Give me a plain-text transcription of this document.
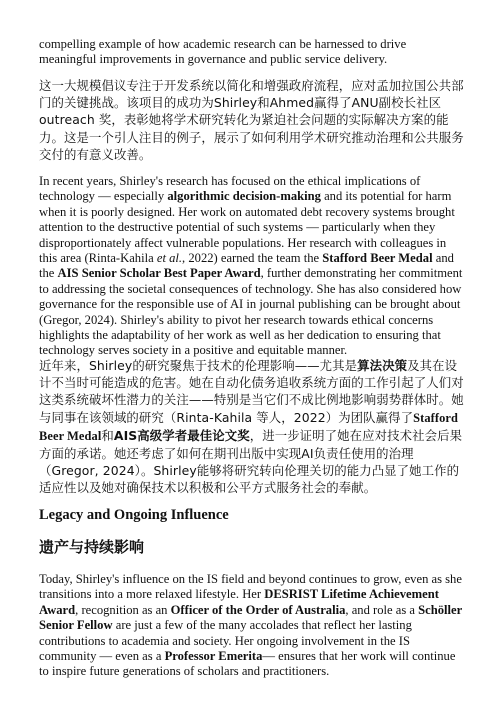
compelling example of how academic research can be harnessed to drive meaningful improvements in governance and public service delivery.

这一大规模倡议专注于开发系统以简化和增强政府流程，应对孟加拉国公共部门的关键挑战。该项目的成功为Shirley和Ahmed赢得了ANU副校长社区outreach 奖，表彰她将学术研究转化为紧迫社会问题的实际解决方案的能力。这是一个引人注目的例子，展示了如何利用学术研究推动治理和公共服务交付的有意义改善。

In recent years, Shirley's research has focused on the ethical implications of technology — especially algorithmic decision-making and its potential for harm when it is poorly designed. Her work on automated debt recovery systems brought attention to the destructive potential of such systems — particularly when they disproportionately affect vulnerable populations. Her research with colleagues in this area (Rinta-Kahila et al., 2022) earned the team the Stafford Beer Medal and the AIS Senior Scholar Best Paper Award, further demonstrating her commitment to addressing the societal consequences of technology. She has also considered how governance for the responsible use of AI in journal publishing can be brought about (Gregor, 2024). Shirley's ability to pivot her research towards ethical concerns highlights the adaptability of her work as well as her dedication to ensuring that technology serves society in a positive and equitable manner.

近年来，Shirley的研究聚焦于技术的伦理影响——尤其是算法决策及其在设计不当时可能造成的危害。她在自动化债务追收系统方面的工作引起了人们对这类系统破坏性潜力的关注——特别是当它们不成比例地影响弱势群体时。她与同事在该领域的研究（Rinta-Kahila 等人，2022）为团队赢得了Stafford Beer Medal和AIS高级学者最佳论文奖，进一步证明了她在应对技术社会后果方面的承诺。她还考虑了如何在期刊出版中实现AI负责任使用的治理（Gregor, 2024）。Shirley能够将研究转向伦理关切的能力凸显了她工作的适应性以及她对确保技术以积极和公平方式服务社会的奉献。

Legacy and Ongoing Influence
遗产与持续影响

Today, Shirley's influence on the IS field and beyond continues to grow, even as she transitions into a more relaxed lifestyle. Her DESRIST Lifetime Achievement Award, recognition as an Officer of the Order of Australia, and role as a Schöller Senior Fellow are just a few of the many accolades that reflect her lasting contributions to academia and society. Her ongoing involvement in the IS community — even as a Professor Emerita— ensures that her work will continue to inspire future generations of scholars and practitioners.
